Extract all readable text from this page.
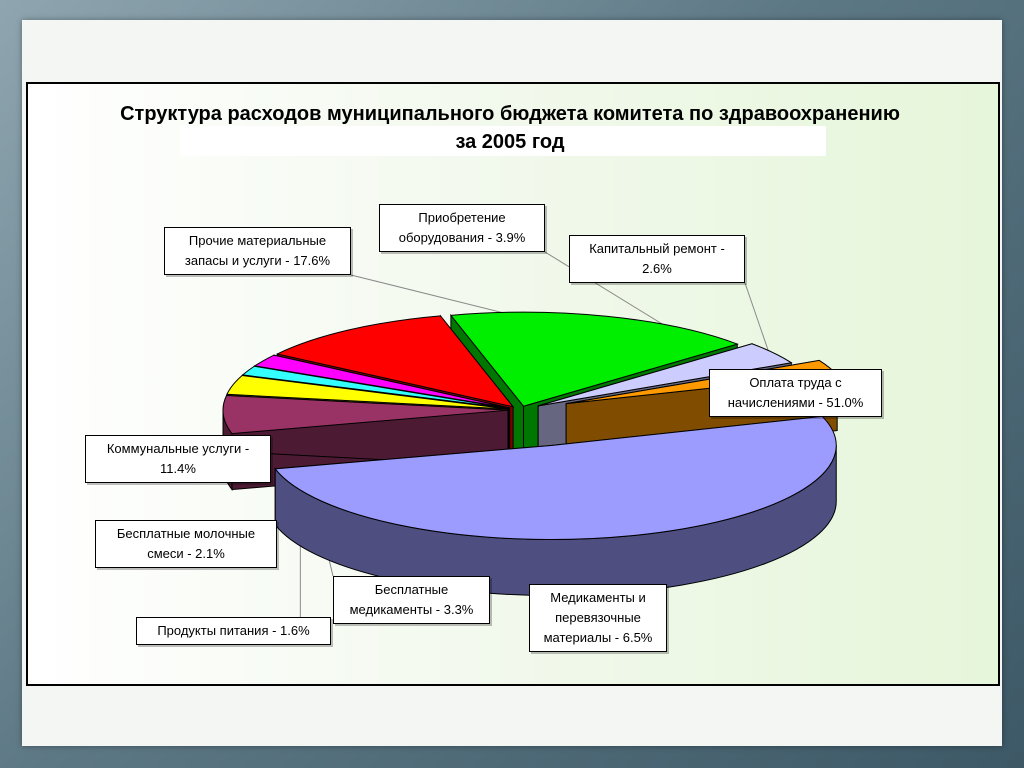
Структура расходов муниципального бюджета комитета по здравоохранению за 2005 год
Оплата труда с начислениями - 51.0%
Медикаменты и перевязочные материалы - 6.5%
Бесплатные медикаменты - 3.3%
Продукты питания - 1.6%
Бесплатные молочные смеси - 2.1%
Коммунальные услуги - 11.4%
Прочие материальные запасы и услуги - 17.6%
Приобретение оборудования - 3.9%
Капитальный ремонт - 2.6%
